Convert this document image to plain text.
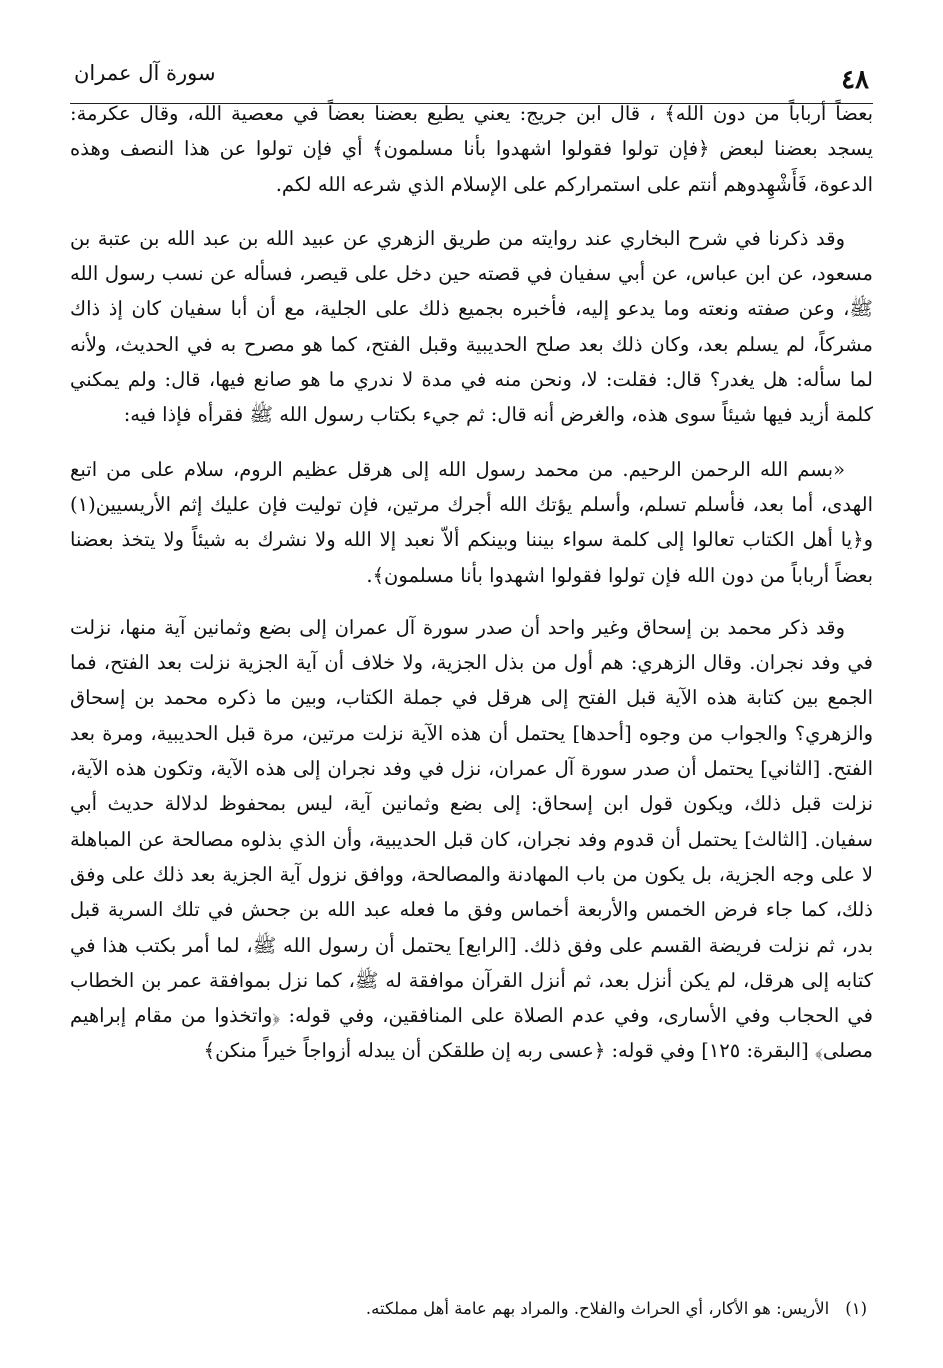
سورة آل عمران	٤٨

بعضاً أرباباً من دون الله﴾ ، قال ابن جريج: يعني يطيع بعضنا بعضاً في معصية الله، وقال عكرمة: يسجد بعضنا لبعض ﴿فإن تولوا فقولوا اشهدوا بأنا مسلمون﴾ أي فإن تولوا عن هذا النصف وهذه الدعوة، فَأَشْهِدوهم أنتم على استمراركم على الإسلام الذي شرعه الله لكم.

وقد ذكرنا في شرح البخاري عند روايته من طريق الزهري عن عبيد الله بن عبد الله بن عتبة بن مسعود، عن ابن عباس، عن أبي سفيان في قصته حين دخل على قيصر، فسأله عن نسب رسول الله ﷺ، وعن صفته ونعته وما يدعو إليه، فأخبره بجميع ذلك على الجلية، مع أن أبا سفيان كان إذ ذاك مشركاً، لم يسلم بعد، وكان ذلك بعد صلح الحديبية وقبل الفتح، كما هو مصرح به في الحديث، ولأنه لما سأله: هل يغدر؟ قال: فقلت: لا، ونحن منه في مدة لا ندري ما هو صانع فيها، قال: ولم يمكني كلمة أزيد فيها شيئاً سوى هذه، والغرض أنه قال: ثم جيء بكتاب رسول الله ﷺ فقرأه فإذا فيه:

«بسم الله الرحمن الرحيم. من محمد رسول الله إلى هرقل عظيم الروم، سلام على من اتبع الهدى، أما بعد، فأسلم تسلم، وأسلم يؤتك الله أجرك مرتين، فإن توليت فإن عليك إثم الأريسيين(١) و﴿يا أهل الكتاب تعالوا إلى كلمة سواء بيننا وبينكم ألاّ نعبد إلا الله ولا نشرك به شيئاً ولا يتخذ بعضنا بعضاً أرباباً من دون الله فإن تولوا فقولوا اشهدوا بأنا مسلمون﴾.

وقد ذكر محمد بن إسحاق وغير واحد أن صدر سورة آل عمران إلى بضع وثمانين آية منها، نزلت في وفد نجران. وقال الزهري: هم أول من بذل الجزية، ولا خلاف أن آية الجزية نزلت بعد الفتح، فما الجمع بين كتابة هذه الآية قبل الفتح إلى هرقل في جملة الكتاب، وبين ما ذكره محمد بن إسحاق والزهري؟ والجواب من وجوه [أحدها] يحتمل أن هذه الآية نزلت مرتين، مرة قبل الحديبية، ومرة بعد الفتح. [الثاني] يحتمل أن صدر سورة آل عمران، نزل في وفد نجران إلى هذه الآية، وتكون هذه الآية، نزلت قبل ذلك، ويكون قول ابن إسحاق: إلى بضع وثمانين آية، ليس بمحفوظ لدلالة حديث أبي سفيان. [الثالث] يحتمل أن قدوم وفد نجران، كان قبل الحديبية، وأن الذي بذلوه مصالحة عن المباهلة لا على وجه الجزية، بل يكون من باب المهادنة والمصالحة، ووافق نزول آية الجزية بعد ذلك على وفق ذلك، كما جاء فرض الخمس والأربعة أخماس وفق ما فعله عبد الله بن جحش في تلك السرية قبل بدر، ثم نزلت فريضة القسم على وفق ذلك. [الرابع] يحتمل أن رسول الله ﷺ، لما أمر بكتب هذا في كتابه إلى هرقل، لم يكن أنزل بعد، ثم أنزل القرآن موافقة له ﷺ، كما نزل بموافقة عمر بن الخطاب في الحجاب وفي الأسارى، وفي عدم الصلاة على المنافقين، وفي قوله: ﴿واتخذوا من مقام إبراهيم مصلى﴾ [البقرة: ١٢٥] وفي قوله: ﴿عسى ربه إن طلقكن أن يبدله أزواجاً خيراً منكن﴾

(١)
الأريس: هو الأكار، أي الحراث والفلاح. والمراد بهم عامة أهل مملكته.
